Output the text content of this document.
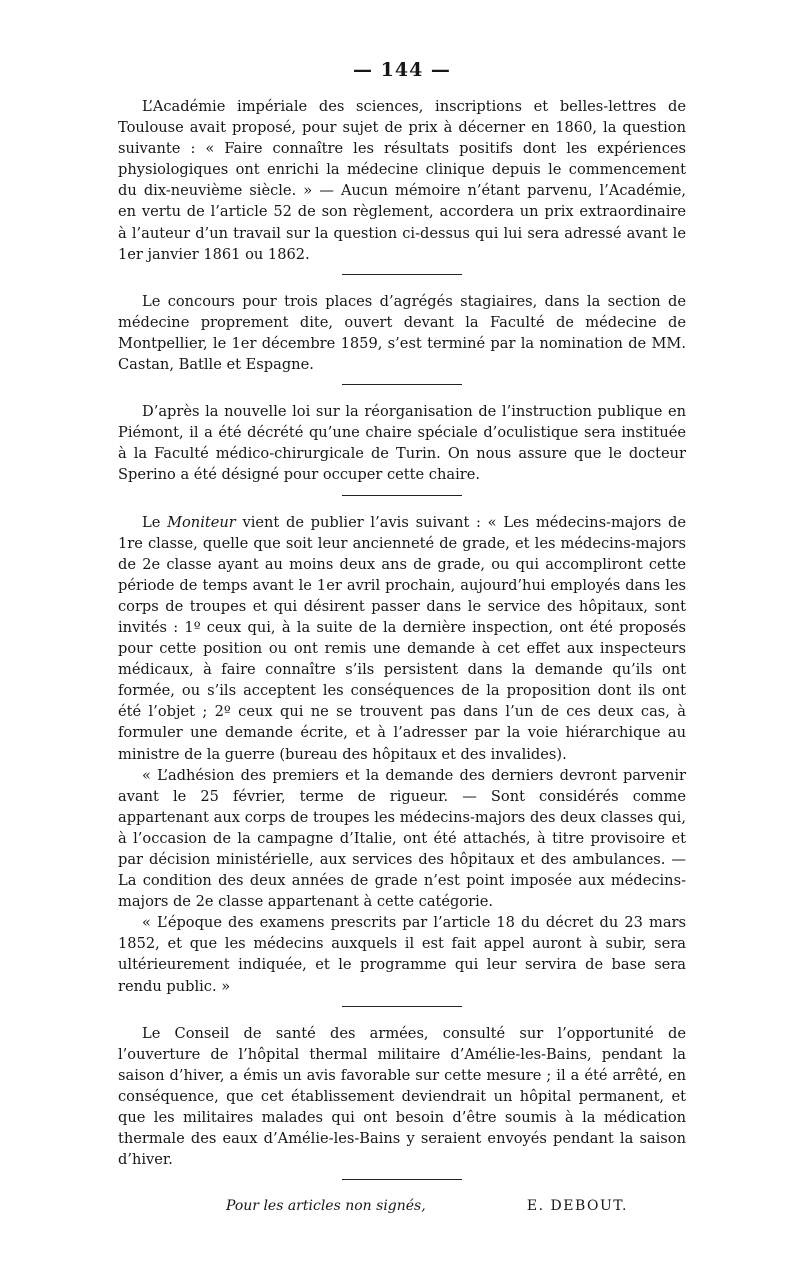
— 144 —

L’Académie impériale des sciences, inscriptions et belles-lettres de Toulouse avait proposé, pour sujet de prix à décerner en 1860, la question suivante : « Faire connaître les résultats positifs dont les expériences physiologiques ont enrichi la médecine clinique depuis le commencement du dix-neuvième siècle. » — Aucun mémoire n’étant parvenu, l’Académie, en vertu de l’article 52 de son règlement, accordera un prix extraordinaire à l’auteur d’un travail sur la question ci-dessus qui lui sera adressé avant le 1er janvier 1861 ou 1862.

Le concours pour trois places d’agrégés stagiaires, dans la section de médecine proprement dite, ouvert devant la Faculté de médecine de Montpellier, le 1er décembre 1859, s’est terminé par la nomination de MM. Castan, Batlle et Espagne.

D’après la nouvelle loi sur la réorganisation de l’instruction publique en Piémont, il a été décrété qu’une chaire spéciale d’oculistique sera instituée à la Faculté médico-chirurgicale de Turin. On nous assure que le docteur Sperino a été désigné pour occuper cette chaire.

Le Moniteur vient de publier l’avis suivant : « Les médecins-majors de 1re classe, quelle que soit leur ancienneté de grade, et les médecins-majors de 2e classe ayant au moins deux ans de grade, ou qui accompliront cette période de temps avant le 1er avril prochain, aujourd’hui employés dans les corps de troupes et qui désirent passer dans le service des hôpitaux, sont invités : 1º ceux qui, à la suite de la dernière inspection, ont été proposés pour cette position ou ont remis une demande à cet effet aux inspecteurs médicaux, à faire connaître s’ils persistent dans la demande qu’ils ont formée, ou s’ils acceptent les conséquences de la proposition dont ils ont été l’objet ; 2º ceux qui ne se trouvent pas dans l’un de ces deux cas, à formuler une demande écrite, et à l’adresser par la voie hiérarchique au ministre de la guerre (bureau des hôpitaux et des invalides).

« L’adhésion des premiers et la demande des derniers devront parvenir avant le 25 février, terme de rigueur. — Sont considérés comme appartenant aux corps de troupes les médecins-majors des deux classes qui, à l’occasion de la campagne d’Italie, ont été attachés, à titre provisoire et par décision ministérielle, aux services des hôpitaux et des ambulances. — La condition des deux années de grade n’est point imposée aux médecins-majors de 2e classe appartenant à cette catégorie.

« L’époque des examens prescrits par l’article 18 du décret du 23 mars 1852, et que les médecins auxquels il est fait appel auront à subir, sera ultérieurement indiquée, et le programme qui leur servira de base sera rendu public. »

Le Conseil de santé des armées, consulté sur l’opportunité de l’ouverture de l’hôpital thermal militaire d’Amélie-les-Bains, pendant la saison d’hiver, a émis un avis favorable sur cette mesure ; il a été arrêté, en conséquence, que cet établissement deviendrait un hôpital permanent, et que les militaires malades qui ont besoin d’être soumis à la médication thermale des eaux d’Amélie-les-Bains y seraient envoyés pendant la saison d’hiver.

Pour les articles non signés,	E. DEBOUT.
